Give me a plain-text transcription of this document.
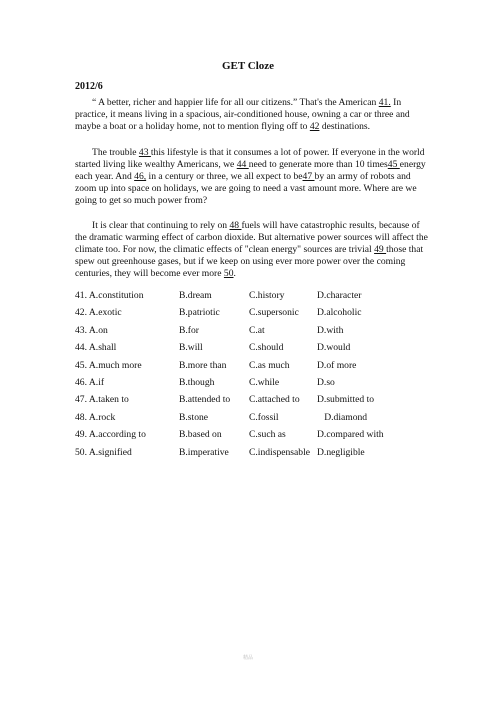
GET Cloze
2012/6

“ A better, richer and happier life for all our citizens.” That's the American 41. In practice, it means living in a spacious, air-conditioned house, owning a car or three and maybe a boat or a holiday home, not to mention flying off to 42 destinations.

The trouble 43 this lifestyle is that it consumes a lot of power. If everyone in the world started living like wealthy Americans, we 44 need to generate more than 10 times45 energy each year. And 46, in a century or three, we all expect to be47 by an army of robots and zoom up into space on holidays, we are going to need a vast amount more. Where are we going to get so much power from?

It is clear that continuing to rely on 48 fuels will have catastrophic results, because of the dramatic warming effect of carbon dioxide. But alternative power sources will affect the climate too. For now, the climatic effects of "clean energy" sources are trivial 49 those that spew out greenhouse gases, but if we keep on using ever more power over the coming centuries, they will become ever more 50.

41. A.constitution	B.dream	C.history	D.character
42. A.exotic	B.patriotic	C.supersonic D.alcoholic
43. A.on	B.for	C.at	D.with
44. A.shall	B.will	C.should	D.would
45. A.much more	B.more than C.as much	D.of more
46. A.if	B.though	C.while	D.so
47. A.taken to	B.attended to C.attached to D.submitted to
48. A.rock	B.stone	C.fossil	D.diamond
49. A.according to	B.based on	C.such as	D.compared with
50. A.signified	B.imperative C.indispensable D.negligible
精品
